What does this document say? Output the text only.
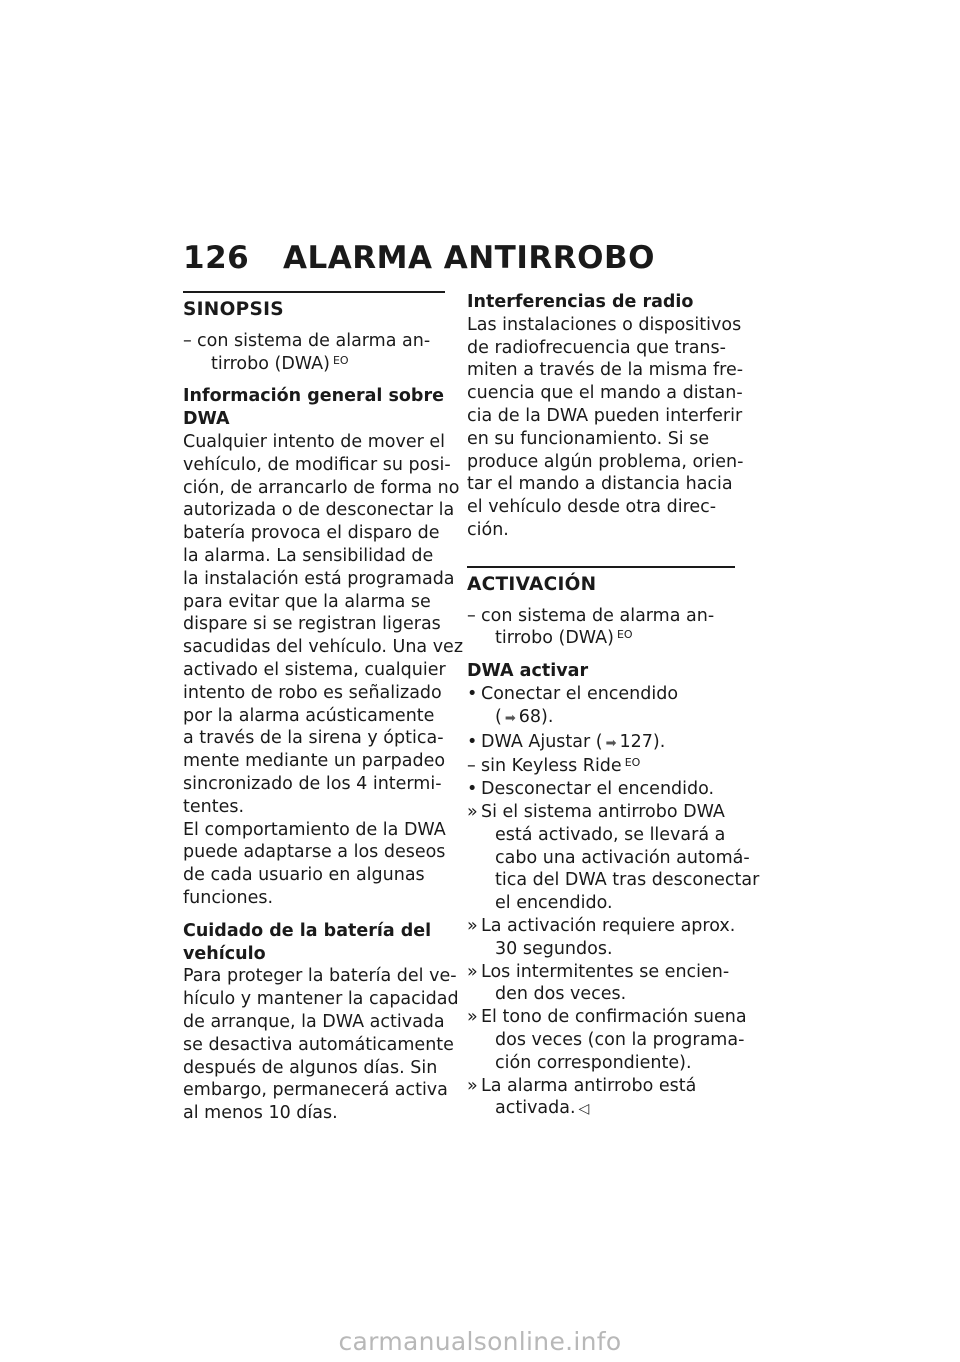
126 ALARMA ANTIRROBO
SINOPSIS
– con sistema de alarma an-
tirrobo (DWA) $^{EO}$

Información general sobre
DWA

Cualquier intento de mover el
vehículo, de modificar su posi-
ción, de arrancarlo de forma no
autorizada o de desconectar la
batería provoca el disparo de
la alarma. La sensibilidad de
la instalación está programada
para evitar que la alarma se
dispare si se registran ligeras
sacudidas del vehículo. Una vez
activado el sistema, cualquier
intento de robo es señalizado
por la alarma acústicamente
a través de la sirena y óptica-
mente mediante un parpadeo
sincronizado de los 4 intermi-
tentes.

El comportamiento de la DWA
puede adaptarse a los deseos
de cada usuario en algunas
funciones.

Cuidado de la batería del
vehículo

Para proteger la batería del ve-
hículo y mantener la capacidad
de arranque, la DWA activada
se desactiva automáticamente
después de algunos días. Sin
embargo, permanecerá activa
al menos 10 días.

Interferencias de radio

Las instalaciones o dispositivos
de radiofrecuencia que trans-
miten a través de la misma fre-
cuencia que el mando a distan-
cia de la DWA pueden interferir
en su funcionamiento. Si se
produce algún problema, orien-
tar el mando a distancia hacia
el vehículo desde otra direc-
ción.

ACTIVACIÓN
– con sistema de alarma an-
tirrobo (DWA) $^{EO}$

DWA activar

• Conectar el encendido
( ➡ 68).
• DWA Ajustar ( ➡ 127).
– sin Keyless Ride $^{EO}$
• Desconectar el encendido.
» Si el sistema antirrobo DWA
está activado, se llevará a
cabo una activación automá-
tica del DWA tras desconectar
el encendido.
» La activación requiere aprox.
30 segundos.
» Los intermitentes se encien-
den dos veces.
» El tono de confirmación suena
dos veces (con la programa-
ción correspondiente).
» La alarma antirrobo está
activada. ◁
carmanualsonline.info
